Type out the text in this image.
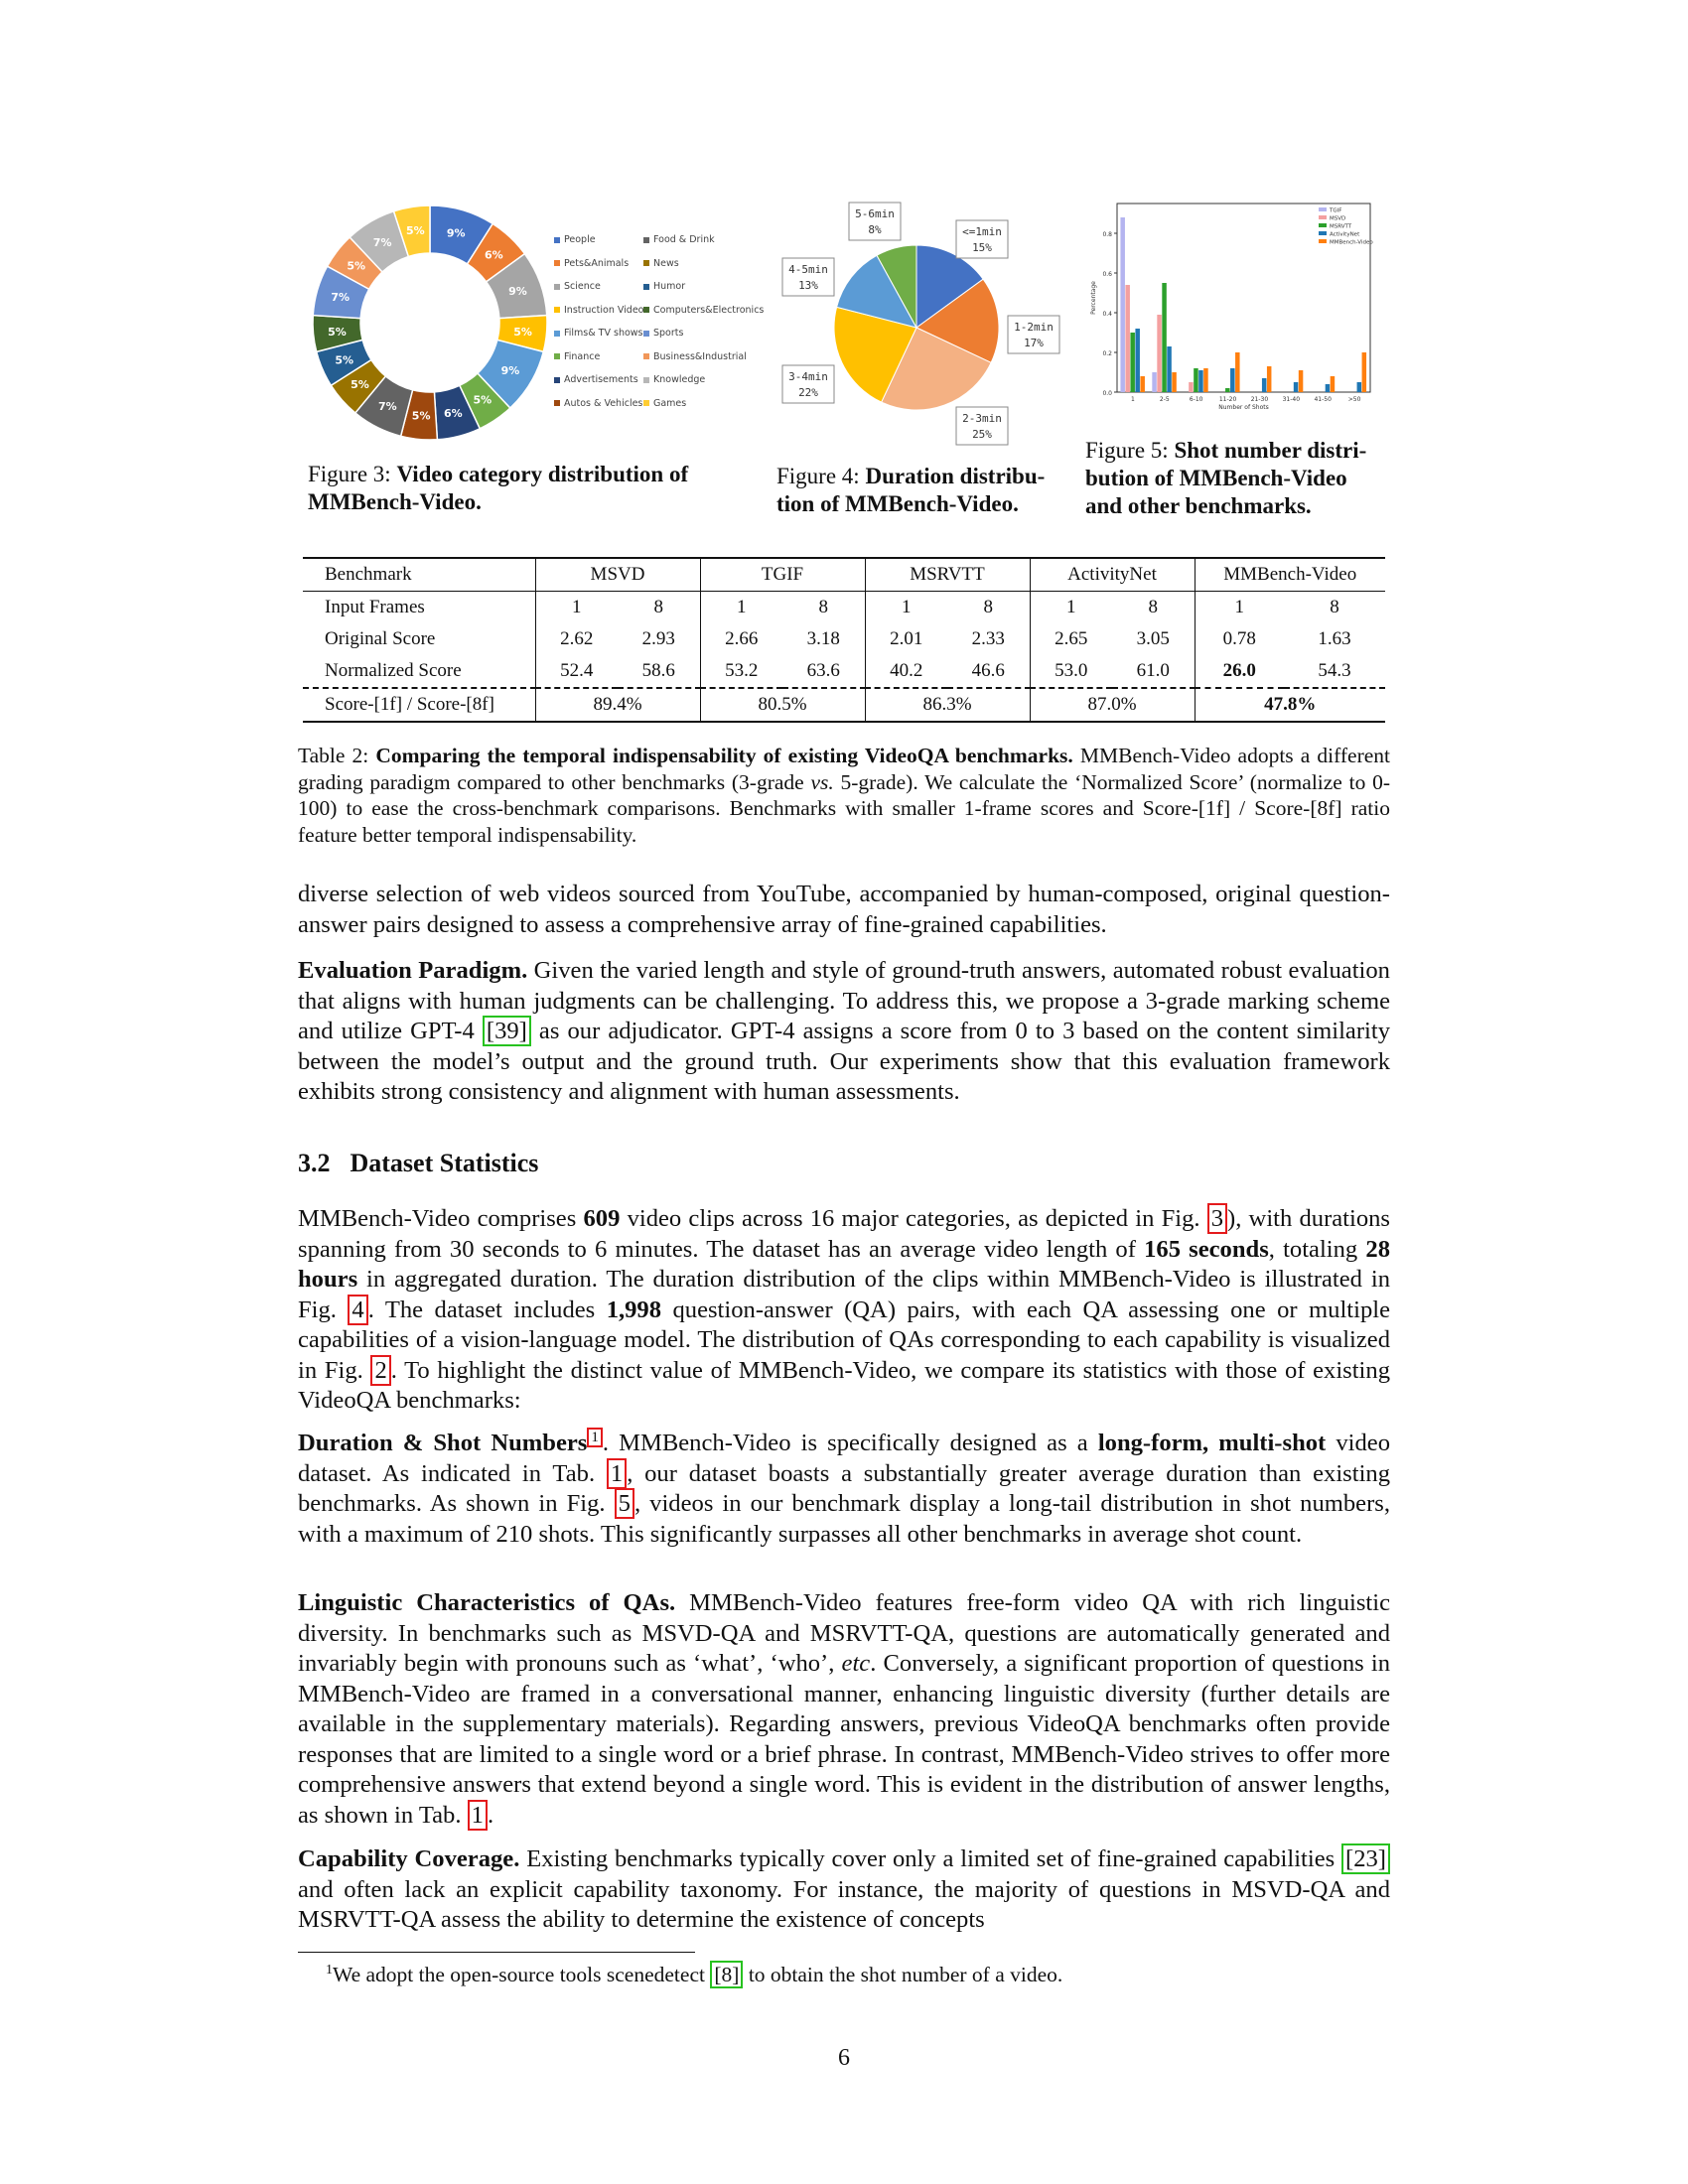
9%
6%
9%
5%
9%
5%
6%
5%
7%
5%
5%
5%
7%
5%
7%
5%
People
Pets&Animals
Science
Instruction Video
Films& TV shows
Finance
Advertisements
Autos & Vehicles
Food & Drink
News
Humor
Computers&Electronics
Sports
Business&Industrial
Knowledge
Games
Figure 3: Video category distribution of MMBench-Video.
<=1min
15%
1-2min
17%
2-3min
25%
3-4min
22%
4-5min
13%
5-6min
8%
Figure 4: Duration distribu-
tion of MMBench-Video.
0.0
0.2
0.4
0.6
0.8
1	2-5	6-10	11-20 21-30 31-40 41-50	>50
Number of Shots
Percentage
TGIF
MSVD
MSRVTT
ActivityNet
MMBench-Video
Figure 5: Shot number distri-
bution of MMBench-Video
and other benchmarks.
Benchmark	MSVD		TGIF		MSRVTT		ActivityNet		MMBench-Video	
Input Frames	1	8	1	8	1	8	1	8	1	8
Original Score	2.62	2.93	2.66	3.18	2.01	2.33	2.65	3.05	0.78	1.63
Normalized Score	52.4	58.6	53.2	63.6	40.2	46.6	53.0	61.0	26.0	54.3
Score-[1f] / Score-[8f]	89.4%		80.5%		86.3%		87.0%		47.8%	
Table 2: Comparing the temporal indispensability of existing VideoQA benchmarks. MMBench-Video adopts a different grading paradigm compared to other benchmarks (3-grade vs. 5-grade). We calculate the ‘Normalized Score’ (normalize to 0-100) to ease the cross-benchmark comparisons. Benchmarks with smaller 1-frame scores and Score-[1f] / Score-[8f] ratio feature better temporal indispensability.
diverse selection of web videos sourced from YouTube, accompanied by human-composed, original question-answer pairs designed to assess a comprehensive array of fine-grained capabilities.
Evaluation Paradigm. Given the varied length and style of ground-truth answers, automated robust evaluation that aligns with human judgments can be challenging. To address this, we propose a 3-grade marking scheme and utilize GPT-4 [39] as our adjudicator. GPT-4 assigns a score from 0 to 3 based on the content similarity between the model’s output and the ground truth. Our experiments show that this evaluation framework exhibits strong consistency and alignment with human assessments.
3.2 Dataset Statistics
MMBench-Video comprises 609 video clips across 16 major categories, as depicted in Fig. 3 ), with durations spanning from 30 seconds to 6 minutes. The dataset has an average video length of 165 seconds, totaling 28 hours in aggregated duration. The duration distribution of the clips within MMBench-Video is illustrated in Fig. 4 . The dataset includes 1,998 question-answer (QA) pairs, with each QA assessing one or multiple capabilities of a vision-language model. The distribution of QAs corresponding to each capability is visualized in Fig. 2 . To highlight the distinct value of MMBench-Video, we compare its statistics with those of existing VideoQA benchmarks:
Duration & Shot Numbers $^1$ . MMBench-Video is specifically designed as a long-form, multi-shot video dataset. As indicated in Tab. 1 , our dataset boasts a substantially greater average duration than existing benchmarks. As shown in Fig. 5 , videos in our benchmark display a long-tail distribution in shot numbers, with a maximum of 210 shots. This significantly surpasses all other benchmarks in average shot count.
Linguistic Characteristics of QAs. MMBench-Video features free-form video QA with rich linguistic diversity. In benchmarks such as MSVD-QA and MSRVTT-QA, questions are automatically generated and invariably begin with pronouns such as ‘what’, ‘who’, etc. Conversely, a significant proportion of questions in MMBench-Video are framed in a conversational manner, enhancing linguistic diversity (further details are available in the supplementary materials). Regarding answers, previous VideoQA benchmarks often provide responses that are limited to a single word or a brief phrase. In contrast, MMBench-Video strives to offer more comprehensive answers that extend beyond a single word. This is evident in the distribution of answer lengths, as shown in Tab. 1 .
Capability Coverage. Existing benchmarks typically cover only a limited set of fine-grained capabilities [23] and often lack an explicit capability taxonomy. For instance, the majority of questions in MSVD-QA and MSRVTT-QA assess the ability to determine the existence of concepts
$^1$We adopt the open-source tools scenedetect [8] to obtain the shot number of a video.
6
